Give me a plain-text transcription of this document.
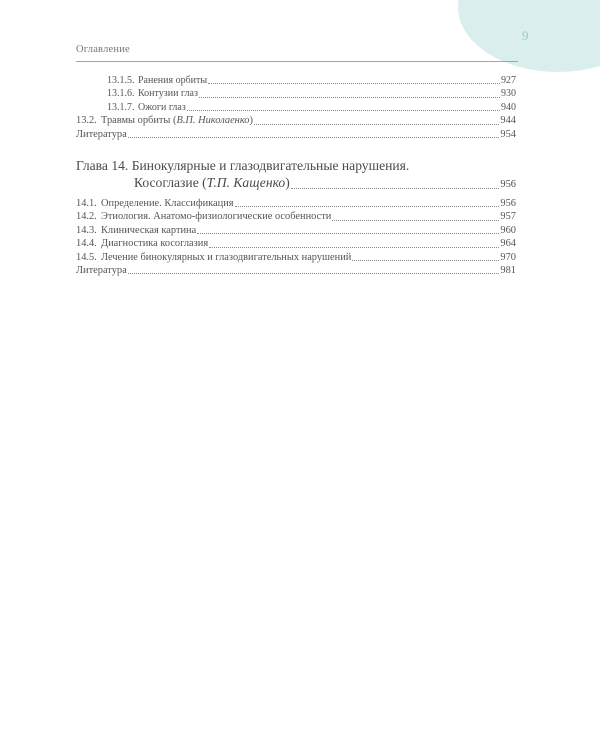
9
Оглавление
13.1.5. Ранения орбиты	927
13.1.6. Контузии глаз	930
13.1.7. Ожоги глаз	940
13.2. Травмы орбиты (В.П. Николаенко)	944
Литература	954
Глава 14. Бинокулярные и глазодвигательные нарушения.
Косоглазие (Т.П. Кащенко)	956
14.1. Определение. Классификация	956
14.2. Этиология. Анатомо-физиологические особенности	957
14.3. Клиническая картина	960
14.4. Диагностика косоглазия	964
14.5. Лечение бинокулярных и глазодвигательных нарушений	970
Литература	981
